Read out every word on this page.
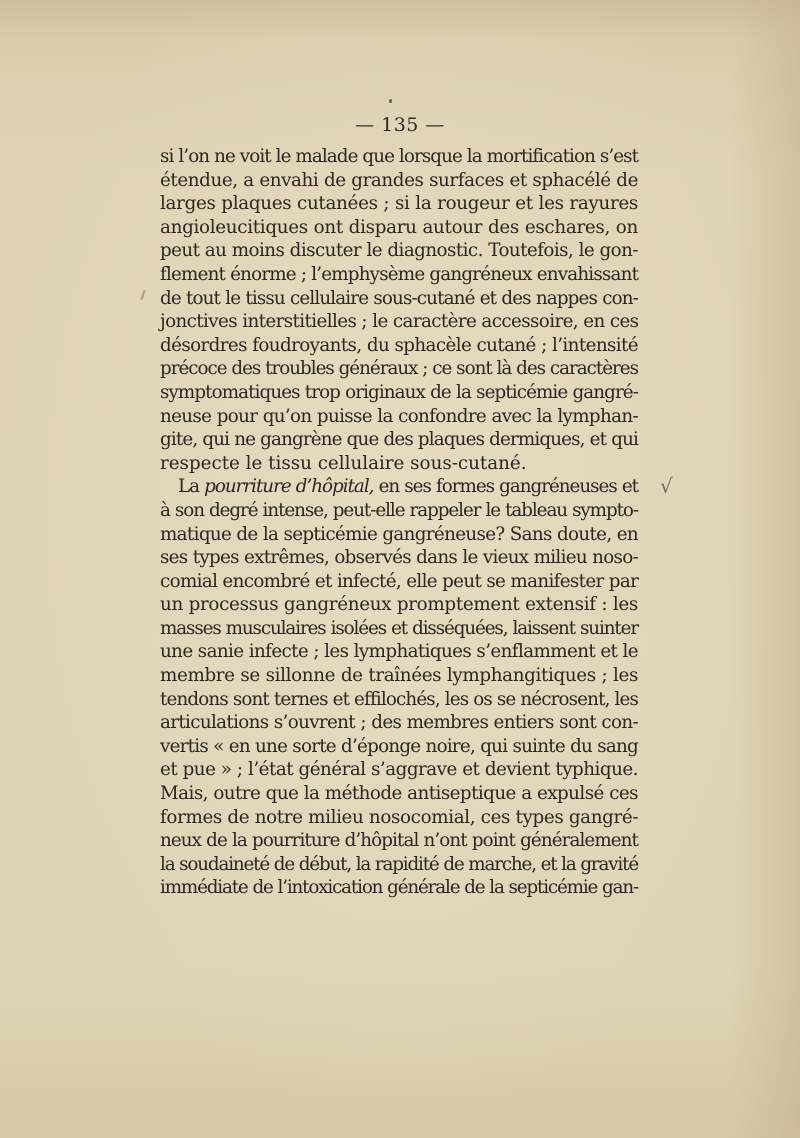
— 135 —
√
si l’on ne voit le malade que lorsque la mortification s’est
étendue, a envahi de grandes surfaces et sphacélé de
larges plaques cutanées ; si la rougeur et les rayures
angioleucitiques ont disparu autour des eschares, on
peut au moins discuter le diagnostic. Toutefois, le gon-
flement énorme ; l’emphysème gangréneux envahissant
de tout le tissu cellulaire sous-cutané et des nappes con-
jonctives interstitielles ; le caractère accessoire, en ces
désordres foudroyants, du sphacèle cutané ; l’intensité
précoce des troubles généraux ; ce sont là des caractères
symptomatiques trop originaux de la septicémie gangré-
neuse pour qu’on puisse la confondre avec la lymphan-
gite, qui ne gangrène que des plaques dermiques, et qui
respecte le tissu cellulaire sous-cutané.
La pourriture d’hôpital, en ses formes gangréneuses et
à son degré intense, peut-elle rappeler le tableau sympto-
matique de la septicémie gangréneuse? Sans doute, en
ses types extrêmes, observés dans le vieux milieu noso-
comial encombré et infecté, elle peut se manifester par
un processus gangréneux promptement extensif : les
masses musculaires isolées et disséquées, laissent suinter
une sanie infecte ; les lymphatiques s’enflamment et le
membre se sillonne de traînées lymphangitiques ; les
tendons sont ternes et effilochés, les os se nécrosent, les
articulations s’ouvrent ; des membres entiers sont con-
vertis « en une sorte d’éponge noire, qui suinte du sang
et pue » ; l’état général s’aggrave et devient typhique.
Mais, outre que la méthode antiseptique a expulsé ces
formes de notre milieu nosocomial, ces types gangré-
neux de la pourriture d’hôpital n’ont point généralement
la soudaineté de début, la rapidité de marche, et la gravité
immédiate de l’intoxication générale de la septicémie gan-
